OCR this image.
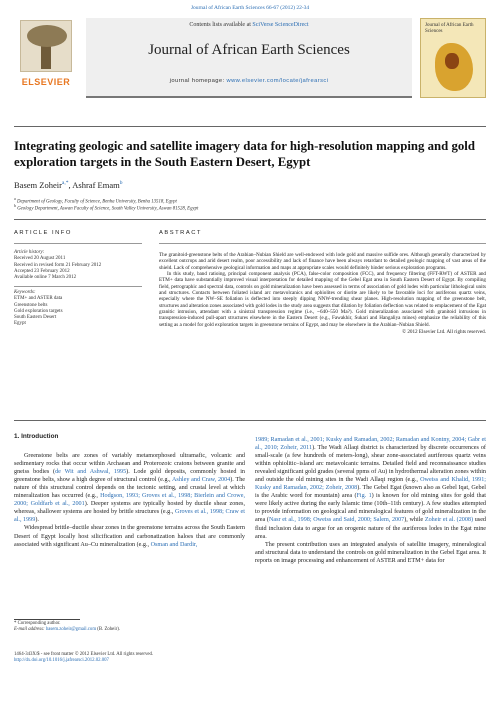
Journal of African Earth Sciences 66-67 (2012) 22-34
ELSEVIER
Contents lists available at SciVerse ScienceDirect
Journal of African Earth Sciences
journal homepage: www.elsevier.com/locate/jafrearsci
Journal of African Earth Sciences
Integrating geologic and satellite imagery data for high-resolution mapping and gold exploration targets in the South Eastern Desert, Egypt
Basem Zoheir$^{a,*}$, Ashraf Emam$^b$
$^a$ Department of Geology, Faculty of Science, Benha University, Benha 13518, Egypt
$^b$ Geology Department, Aswan Faculty of Science, South Valley University, Aswan 81528, Egypt
ARTICLE INFO	ABSTRACT
Article history:
Received 20 August 2011
Received in revised form 21 February 2012
Accepted 23 February 2012
Available online 7 March 2012
Keywords:
ETM+ and ASTER data
Greenstone belts
Gold exploration targets
South Eastern Desert
Egypt

The granitoid-greenstone belts of the Arabian–Nubian Shield are well-endowed with lode gold and massive sulfide ores. Although generally characterized by excellent outcrops and arid desert realm, poor accessibility and lack of finance have been always retardant to detailed geologic mapping of vast areas of the shield. Lack of comprehensive geological information and maps at appropriate scales would definitely hinder serious exploration programs.

In this study, band ratioing, principal component analysis (PCA), false-color composition (FCC), and frequency filtering (FFT-RWT) of ASTER and ETM+ data have substantially improved visual interpretation for detailed mapping of the Gebel Egat area in South Eastern Desert of Egypt. By compiling field, petrographic and spectral data, controls on gold mineralization have been assessed in terms of association of gold lodes with particular lithological units and structures. Contacts between foliated island arc metavolcanics and ophiolites or diorite are likely to be favorable loci for auriferous quartz veins, especially where the NW–SE foliation is deflected into steeply dipping NNW-trending shear planes. High-resolution mapping of the greenstone belt, structures and alteration zones associated with gold lodes in the study area suggests that dilation by foliation deflection was related to emplacement of the Egat granitic intrusion, attendant with a sinistral transpression regime (i.e., ~640–550 Ma?). Gold mineralization associated with granitoid intrusions in transpression-induced pull-apart structures elsewhere in the Eastern Desert (e.g., Fawakhir, Sukari and Hangaliya mines) emphasize the reliability of this setting as a model for gold exploration targets in greenstone terrains of Egypt, and may be elsewhere in the Arabian–Nubian Shield.

© 2012 Elsevier Ltd. All rights reserved.
1. Introduction

Greenstone belts are zones of variably metamorphosed ultramafic, volcanic and sedimentary rocks that occur within Archaean and Proterozoic cratons between granite and gneiss bodies (de Wit and Ashwal, 1995). Lode gold deposits, commonly hosted in greenstone belts, show a high degree of structural control (e.g., Ashley and Craw, 2004). The nature of this structural control depends on the tectonic setting, and crustal level at which mineralization has occurred (e.g., Hodgson, 1993; Groves et al., 1998; Bierlein and Crowe, 2000; Goldfarb et al., 2001). Deeper systems are typically hosted by ductile shear zones, whereas, shallower systems are hosted by brittle structures (e.g., Groves et al., 1998; Craw et al., 1999).

Widespread brittle–ductile shear zones in the greenstone terrains across the South Eastern Desert of Egypt locally host silicification and carbonatization haloes that are commonly associated with significant Au–Cu mineralization (e.g., Osman and Dardir,

1989; Ramadan et al., 2001; Kusky and Ramadan, 2002; Ramadan and Kontny, 2004; Gabr et al., 2010; Zoheir, 2011). The Wadi Allaqi district is characterized by discrete occurrences of small-scale (a few hundreds of meters-long), shear zone-associated auriferous quartz veins within ophiolitic–island arc metavolcanic terrains. Detailed field and reconnaissance studies revealed significant gold grades (several ppms of Au) in hydrothermal alteration zones within and outside the old mining sites in the Wadi Allaqi region (e.g., Oweiss and Khalid, 1991; Kusky and Ramadan, 2002; Zoheir, 2008). The Gebel Egat (known also as Gebel Iqat, Gebel is the Arabic word for mountain) area (Fig. 1) is known for old mining sites for gold that were likely active during the early Islamic time (10th–11th century). A few studies attempted to provide information on geological and mineralogical features of gold mineralization in the area (Nasr et al., 1998; Oweiss and Said, 2000; Salem, 2007), while Zoheir et al. (2008) used fluid inclusion data to argue for an orogenic nature of the auriferous lodes in the Egat mine area.

The present contribution uses an integrated analysis of satellite imagery, mineralogical and structural data to understand the controls on gold mineralization in the Gebel Egat area. It reports on image processing and enhancement of ASTER and ETM+ data for

* Corresponding author.
E-mail address: basem.zoheir@gmail.com (B. Zoheir).
1464-343X/$ - see front matter © 2012 Elsevier Ltd. All rights reserved.
http://dx.doi.org/10.1016/j.jafrearsci.2012.02.007
